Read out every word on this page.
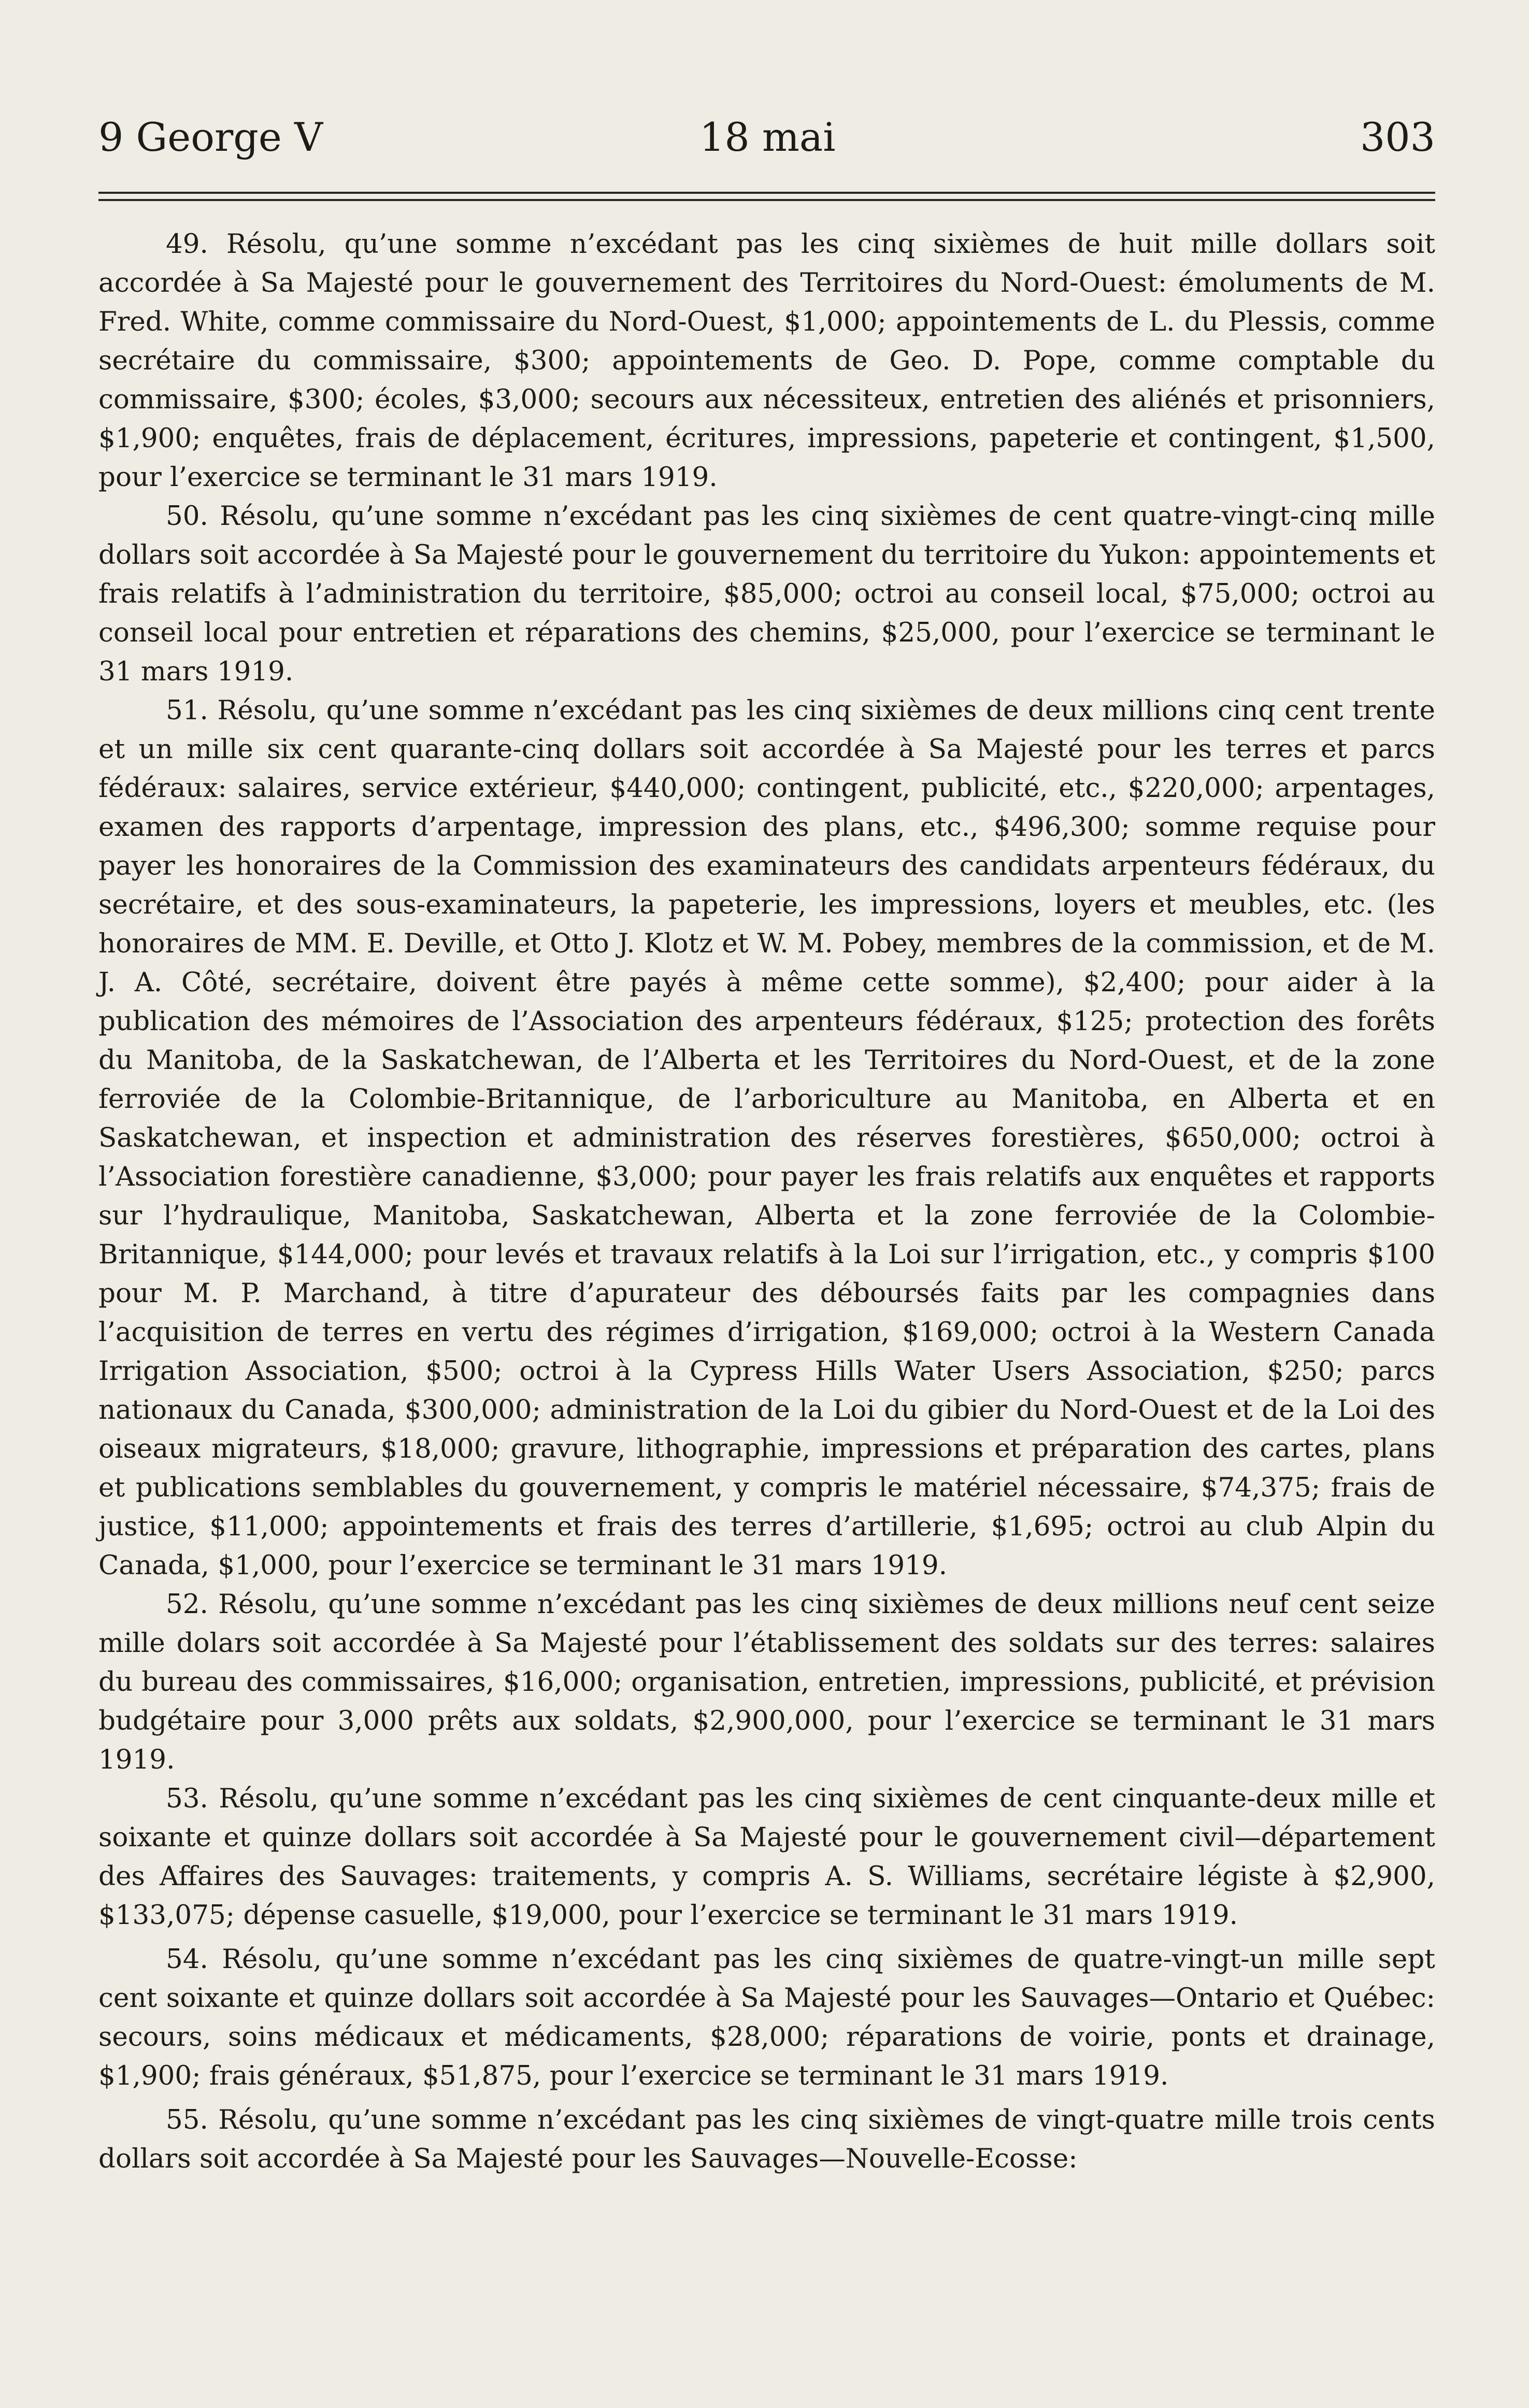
9 George V	18 mai	303

49. Résolu, qu’une somme n’excédant pas les cinq sixièmes de huit mille dollars soit accordée à Sa Majesté pour le gouvernement des Territoires du Nord-Ouest: émoluments de M. Fred. White, comme commissaire du Nord-Ouest, $1,000; appointements de L. du Plessis, comme secrétaire du commissaire, $300; appointements de Geo. D. Pope, comme comptable du commissaire, $300; écoles, $3,000; secours aux nécessiteux, entretien des aliénés et prisonniers, $1,900; enquêtes, frais de déplacement, écritures, impressions, papeterie et contingent, $1,500, pour l’exercice se terminant le 31 mars 1919.

50. Résolu, qu’une somme n’excédant pas les cinq sixièmes de cent quatre-vingt-cinq mille dollars soit accordée à Sa Majesté pour le gouvernement du territoire du Yukon: appointements et frais relatifs à l’administration du territoire, $85,000; octroi au conseil local, $75,000; octroi au conseil local pour entretien et réparations des chemins, $25,000, pour l’exercice se terminant le 31 mars 1919.

51. Résolu, qu’une somme n’excédant pas les cinq sixièmes de deux millions cinq cent trente et un mille six cent quarante-cinq dollars soit accordée à Sa Majesté pour les terres et parcs fédéraux: salaires, service extérieur, $440,000; contingent, publicité, etc., $220,000; arpentages, examen des rapports d’arpentage, impression des plans, etc., $496,300; somme requise pour payer les honoraires de la Commission des examinateurs des candidats arpenteurs fédéraux, du secrétaire, et des sous-examinateurs, la papeterie, les impressions, loyers et meubles, etc. (les honoraires de MM. E. Deville, et Otto J. Klotz et W. M. Pobey, membres de la commission, et de M. J. A. Côté, secrétaire, doivent être payés à même cette somme), $2,400; pour aider à la publication des mémoires de l’Association des arpenteurs fédéraux, $125; protection des forêts du Manitoba, de la Saskatchewan, de l’Alberta et les Territoires du Nord-Ouest, et de la zone ferroviée de la Colombie-Britannique, de l’arboriculture au Manitoba, en Alberta et en Saskatchewan, et inspection et administration des réserves forestières, $650,000; octroi à l’Association forestière canadienne, $3,000; pour payer les frais relatifs aux enquêtes et rapports sur l’hydraulique, Manitoba, Saskatchewan, Alberta et la zone ferroviée de la Colombie-Britannique, $144,000; pour levés et travaux relatifs à la Loi sur l’irrigation, etc., y compris $100 pour M. P. Marchand, à titre d’apurateur des déboursés faits par les compagnies dans l’acquisition de terres en vertu des régimes d’irrigation, $169,000; octroi à la Western Canada Irrigation Association, $500; octroi à la Cypress Hills Water Users Association, $250; parcs nationaux du Canada, $300,000; administration de la Loi du gibier du Nord-Ouest et de la Loi des oiseaux migrateurs, $18,000; gravure, lithographie, impressions et préparation des cartes, plans et publications semblables du gouvernement, y compris le matériel nécessaire, $74,375; frais de justice, $11,000; appointements et frais des terres d’artillerie, $1,695; octroi au club Alpin du Canada, $1,000, pour l’exercice se terminant le 31 mars 1919.

52. Résolu, qu’une somme n’excédant pas les cinq sixièmes de deux millions neuf cent seize mille dolars soit accordée à Sa Majesté pour l’établissement des soldats sur des terres: salaires du bureau des commissaires, $16,000; organisation, entretien, impressions, publicité, et prévision budgétaire pour 3,000 prêts aux soldats, $2,900,000, pour l’exercice se terminant le 31 mars 1919.

53. Résolu, qu’une somme n’excédant pas les cinq sixièmes de cent cinquante-deux mille et soixante et quinze dollars soit accordée à Sa Majesté pour le gouvernement civil—département des Affaires des Sauvages: traitements, y compris A. S. Williams, secrétaire légiste à $2,900, $133,075; dépense casuelle, $19,000, pour l’exercice se terminant le 31 mars 1919.

54. Résolu, qu’une somme n’excédant pas les cinq sixièmes de quatre-vingt-un mille sept cent soixante et quinze dollars soit accordée à Sa Majesté pour les Sauvages—Ontario et Québec: secours, soins médicaux et médicaments, $28,000; réparations de voirie, ponts et drainage, $1,900; frais généraux, $51,875, pour l’exercice se terminant le 31 mars 1919.

55. Résolu, qu’une somme n’excédant pas les cinq sixièmes de vingt-quatre mille trois cents dollars soit accordée à Sa Majesté pour les Sauvages—Nouvelle-Ecosse:
